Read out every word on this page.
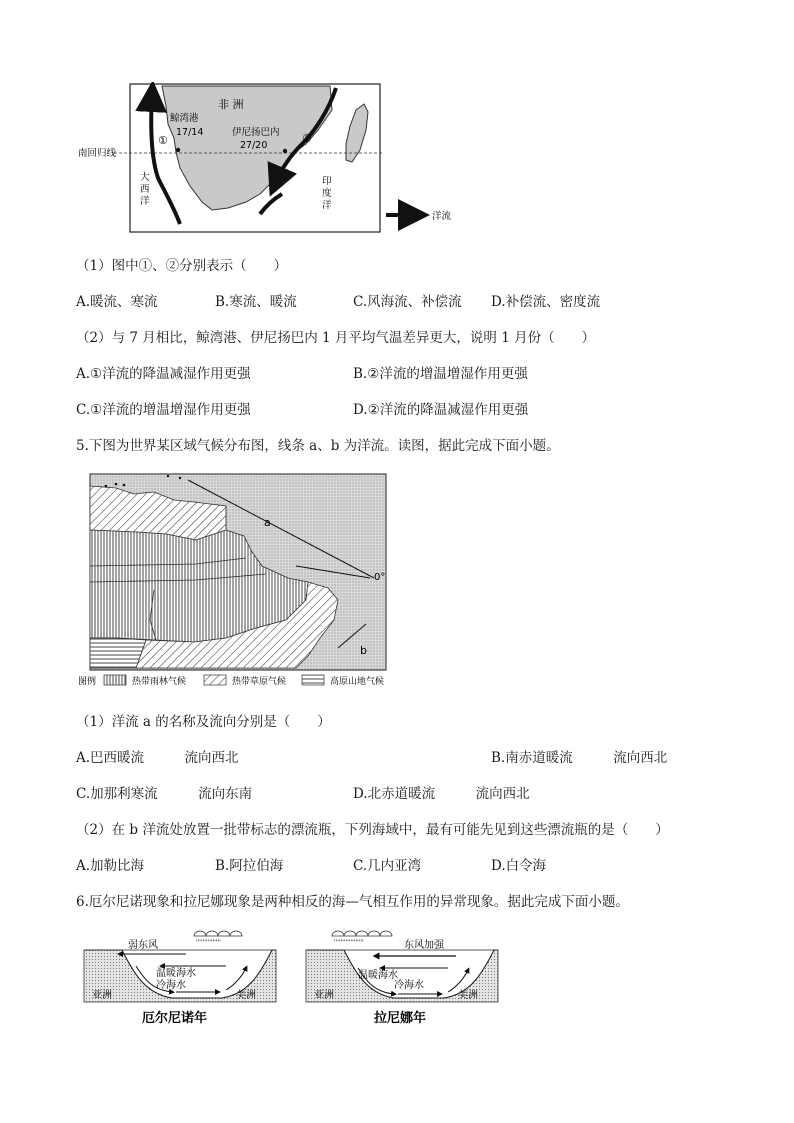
非 洲
鲸湾港
17/14	伊尼扬巴内
27/20
①	②
南回归线
大
西
洋
印
度
洋
洋流
（1）图中①、②分别表示（　　）
A.暖流、寒流	B.寒流、暖流	C.风海流、补偿流 D.补偿流、密度流
（2）与 7 月相比，鲸湾港、伊尼扬巴内 1 月平均气温差异更大，说明 1 月份（　　）
A.①洋流的降温减湿作用更强	B.②洋流的增温增湿作用更强
C.①洋流的增温增湿作用更强	D.②洋流的降温减湿作用更强
5.下图为世界某区域气候分布图，线条 a、b 为洋流。读图，据此完成下面小题。
a
b
0°
图例	热带雨林气候	热带草原气候	高原山地气候
（1）洋流 a 的名称及流向分别是（　　）
A.巴西暖流　　　流向西北	B.南赤道暖流　　　流向西北
C.加那利寒流　　　流向东南	D.北赤道暖流　　　流向西北
（2）在 b 洋流处放置一批带标志的漂流瓶，下列海域中，最有可能先见到这些漂流瓶的是（　　）
A.加勒比海	B.阿拉伯海	C.几内亚湾	D.白令海
6.厄尔尼诺现象和拉尼娜现象是两种相反的海—气相互作用的异常现象。据此完成下面小题。
'''''''''''''''
弱东风
温暖海水
冷海水
亚洲	美洲
厄尔尼诺年
''''''''''''''''''	东风加强
温暖海水
冷海水
亚洲	美洲
拉尼娜年
